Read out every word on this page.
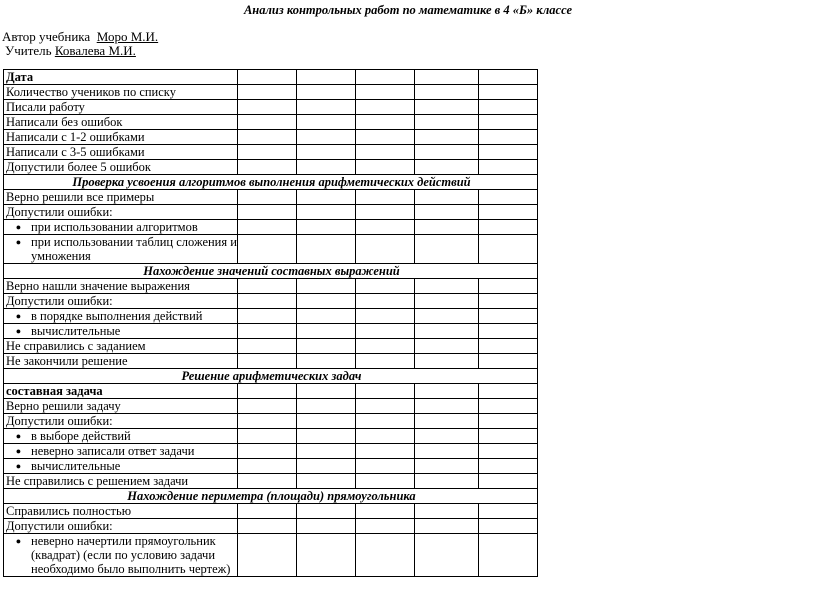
Анализ контрольных работ по математике в 4 «Б» классе
Автор учебника Моро М.И.
Учитель Ковалева М.И.
Дата					
Количество учеников по списку					
Писали работу					
Написали без ошибок					
Написали с 1-2 ошибками					
Написали с 3-5 ошибками					
Допустили более 5 ошибок					
Проверка усвоения алгоритмов выполнения арифметических действий					
Верно решили все примеры					
Допустили ошибки:					

● при использовании алгоритмов					

● при использовании таблиц сложения и умножения					

Нахождение значений составных выражений					
Верно нашли значение выражения					
Допустили ошибки:					

● в порядке выполнения действий					

● вычислительные					

Не справились с заданием					
Не закончили решение					
Решение арифметических задач					
составная задача					
Верно решили задачу					
Допустили ошибки:					

● в выборе действий					

● неверно записали ответ задачи					

● вычислительные					

Не справились с решением задачи					
Нахождение периметра (площади) прямоугольника					
Справились полностью					
Допустили ошибки:					

● неверно начертили прямоугольник (квадрат) (если по условию задачи необходимо было выполнить чертеж)					
